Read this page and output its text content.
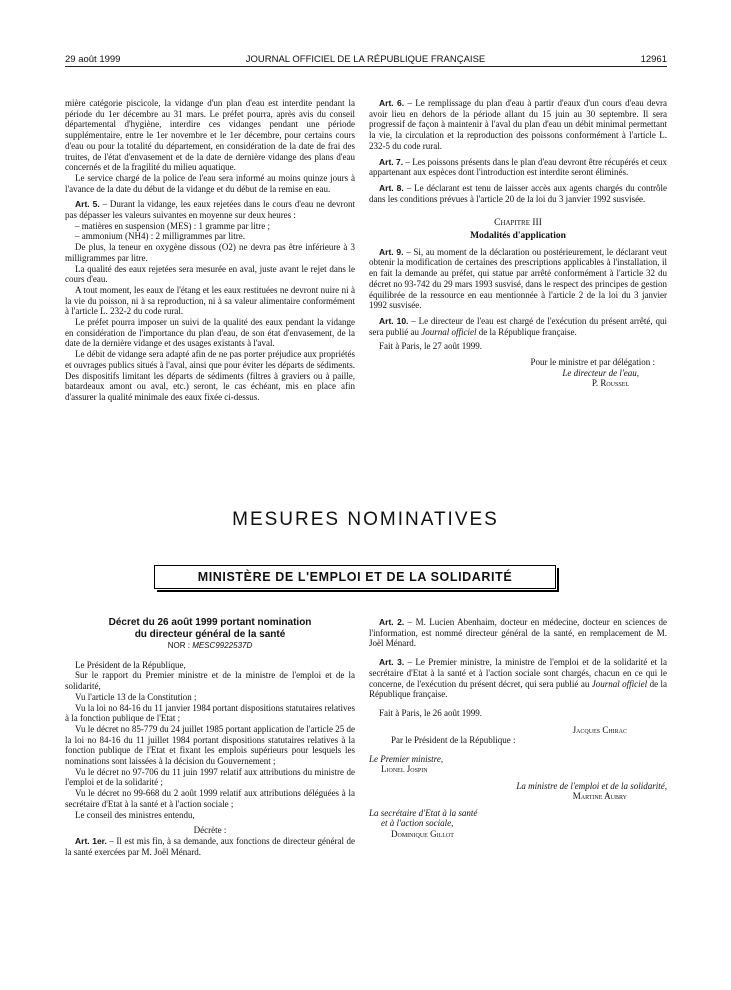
29 août 1999	JOURNAL OFFICIEL DE LA RÉPUBLIQUE FRANÇAISE	12961

mière catégorie piscicole, la vidange d'un plan d'eau est interdite pendant la période du 1er décembre au 31 mars. Le préfet pourra, après avis du conseil départemental d'hygiène, interdire ces vidanges pendant une période supplémentaire, entre le 1er novembre et le 1er décembre, pour certains cours d'eau ou pour la totalité du département, en considération de la date de frai des truites, de l'état d'envasement et de la date de dernière vidange des plans d'eau concernés et de la fragilité du milieu aquatique.

Le service chargé de la police de l'eau sera informé au moins quinze jours à l'avance de la date du début de la vidange et du début de la remise en eau.

Art. 5. – Durant la vidange, les eaux rejetées dans le cours d'eau ne devront pas dépasser les valeurs suivantes en moyenne sur deux heures :

– matières en suspension (MES) : 1 gramme par litre ;

– ammonium (NH4) : 2 milligrammes par litre.

De plus, la teneur en oxygène dissous (O2) ne devra pas être inférieure à 3 milligrammes par litre.

La qualité des eaux rejetées sera mesurée en aval, juste avant le rejet dans le cours d'eau.

A tout moment, les eaux de l'étang et les eaux restituées ne devront nuire ni à la vie du poisson, ni à sa reproduction, ni à sa valeur alimentaire conformément à l'article L. 232-2 du code rural.

Le préfet pourra imposer un suivi de la qualité des eaux pendant la vidange en considération de l'importance du plan d'eau, de son état d'envasement, de la date de la dernière vidange et des usages existants à l'aval.

Le débit de vidange sera adapté afin de ne pas porter préjudice aux propriétés et ouvrages publics situés à l'aval, ainsi que pour éviter les départs de sédiments. Des dispositifs limitant les départs de sédiments (filtres à graviers ou à paille, batardeaux amont ou aval, etc.) seront, le cas échéant, mis en place afin d'assurer la qualité minimale des eaux fixée ci-dessus.

Art. 6. – Le remplissage du plan d'eau à partir d'eaux d'un cours d'eau devra avoir lieu en dehors de la période allant du 15 juin au 30 septembre. Il sera progressif de façon à maintenir à l'aval du plan d'eau un débit minimal permettant la vie, la circulation et la reproduction des poissons conformément à l'article L. 232-5 du code rural.

Art. 7. – Les poissons présents dans le plan d'eau devront être récupérés et ceux appartenant aux espèces dont l'introduction est interdite seront éliminés.

Art. 8. – Le déclarant est tenu de laisser accès aux agents chargés du contrôle dans les conditions prévues à l'article 20 de la loi du 3 janvier 1992 susvisée.

Chapitre III

Modalités d'application

Art. 9. – Si, au moment de la déclaration ou postérieurement, le déclarant veut obtenir la modification de certaines des prescriptions applicables à l'installation, il en fait la demande au préfet, qui statue par arrêté conformément à l'article 32 du décret no 93-742 du 29 mars 1993 susvisé, dans le respect des principes de gestion équilibrée de la ressource en eau mentionnée à l'article 2 de la loi du 3 janvier 1992 susvisée.

Art. 10. – Le directeur de l'eau est chargé de l'exécution du présent arrêté, qui sera publié au Journal officiel de la République française.

Fait à Paris, le 27 août 1999.

Pour le ministre et par délégation :

Le directeur de l'eau,

P. Roussel

MESURES NOMINATIVES
MINISTÈRE DE L'EMPLOI ET DE LA SOLIDARITÉ
Décret du 26 août 1999 portant nomination
du directeur général de la santé
NOR : MESC9922537D

Le Président de la République,

Sur le rapport du Premier ministre et de la ministre de l'emploi et de la solidarité,

Vu l'article 13 de la Constitution ;

Vu la loi no 84-16 du 11 janvier 1984 portant dispositions statutaires relatives à la fonction publique de l'Etat ;

Vu le décret no 85-779 du 24 juillet 1985 portant application de l'article 25 de la loi no 84-16 du 11 juillet 1984 portant dispositions statutaires relatives à la fonction publique de l'Etat et fixant les emplois supérieurs pour lesquels les nominations sont laissées à la décision du Gouvernement ;

Vu le décret no 97-706 du 11 juin 1997 relatif aux attributions du ministre de l'emploi et de la solidarité ;

Vu le décret no 99-668 du 2 août 1999 relatif aux attributions déléguées à la secrétaire d'Etat à la santé et à l'action sociale ;

Le conseil des ministres entendu,

Décrète :

Art. 1er. – Il est mis fin, à sa demande, aux fonctions de directeur général de la santé exercées par M. Joël Ménard.

Art. 2. – M. Lucien Abenhaim, docteur en médecine, docteur en sciences de l'information, est nommé directeur général de la santé, en remplacement de M. Joël Ménard.

Art. 3. – Le Premier ministre, la ministre de l'emploi et de la solidarité et la secrétaire d'Etat à la santé et à l'action sociale sont chargés, chacun en ce qui le concerne, de l'exécution du présent décret, qui sera publié au Journal officiel de la République française.

Fait à Paris, le 26 août 1999.

Jacques Chirac

Par le Président de la République :

Le Premier ministre,

Lionel Jospin

La ministre de l'emploi et de la solidarité,

Martine Aubry

La secrétaire d'Etat à la santé

et à l'action sociale,

Dominique Gillot
